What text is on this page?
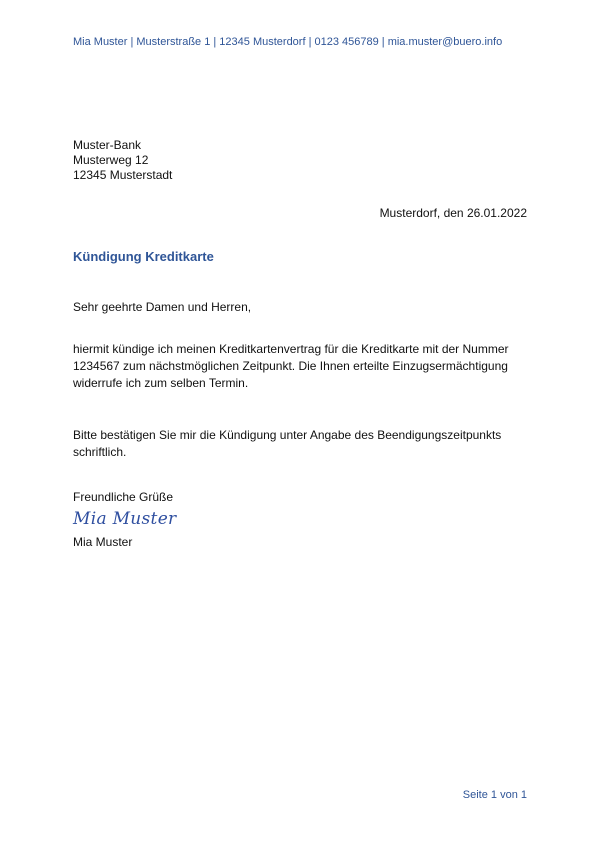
Mia Muster | Musterstraße 1 | 12345 Musterdorf | 0123 456789 | mia.muster@buero.info
Muster-Bank
Musterweg 12
12345 Musterstadt
Musterdorf, den 26.01.2022
Kündigung Kreditkarte
Sehr geehrte Damen und Herren,
hiermit kündige ich meinen Kreditkartenvertrag für die Kreditkarte mit der Nummer 1234567 zum nächstmöglichen Zeitpunkt. Die Ihnen erteilte Einzugsermächtigung widerrufe ich zum selben Termin.
Bitte bestätigen Sie mir die Kündigung unter Angabe des Beendigungszeitpunkts schriftlich.
Freundliche Grüße
Mia Muster
Mia Muster
Seite 1 von 1
